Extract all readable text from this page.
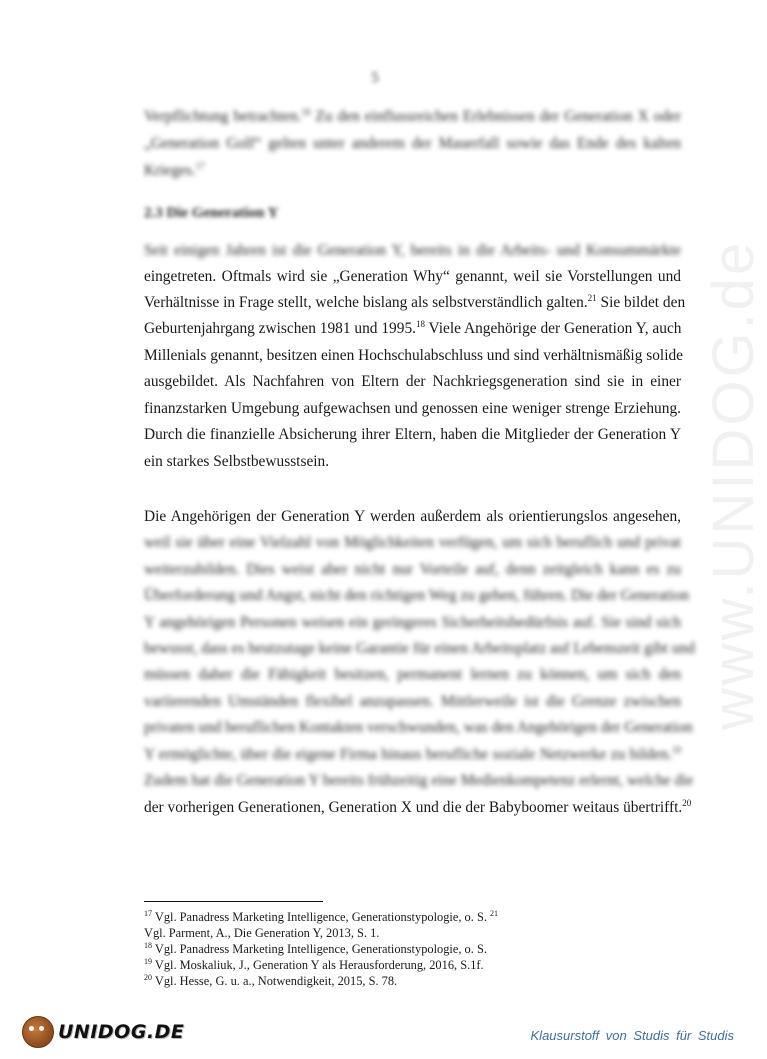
5
www.UNIDOG.de
Verpflichtung betrachten.$^{16}$ Zu den einflussreichen Erlebnissen der Generation X oder
„Generation Golf“ gelten unter anderem der Mauerfall sowie das Ende des kalten
Krieges.$^{17}$
2.3 Die Generation Y
Seit einigen Jahren ist die Generation Y, bereits in die Arbeits- und Konsummärkte
eingetreten. Oftmals wird sie „Generation Why“ genannt, weil sie Vorstellungen und
Verhältnisse in Frage stellt, welche bislang als selbstverständlich galten.$^{21}$ Sie bildet den
Geburtenjahrgang zwischen 1981 und 1995.18 Viele Angehörige der Generation Y, auch
Millenials genannt, besitzen einen Hochschulabschluss und sind verhältnismäßig solide
ausgebildet. Als Nachfahren von Eltern der Nachkriegsgeneration sind sie in einer
finanzstarken Umgebung aufgewachsen und genossen eine weniger strenge Erziehung.
Durch die finanzielle Absicherung ihrer Eltern, haben die Mitglieder der Generation Y
ein starkes Selbstbewusstsein.
Die Angehörigen der Generation Y werden außerdem als orientierungslos angesehen,
weil sie über eine Vielzahl von Möglichkeiten verfügen, um sich beruflich und privat
weiterzubilden. Dies weist aber nicht nur Vorteile auf, denn zeitgleich kann es zu
Überforderung und Angst, nicht den richtigen Weg zu gehen, führen. Die der Generation
Y angehörigen Personen weisen ein geringeres Sicherheitsbedürfnis auf. Sie sind sich
bewusst, dass es heutzutage keine Garantie für einen Arbeitsplatz auf Lebenszeit gibt und
müssen daher die Fähigkeit besitzen, permanent lernen zu können, um sich den
variierenden Umständen flexibel anzupassen. Mittlerweile ist die Grenze zwischen
privaten und beruflichen Kontakten verschwunden, was den Angehörigen der Generation
Y ermöglichte, über die eigene Firma hinaus berufliche soziale Netzwerke zu bilden.$^{19}$
Zudem hat die Generation Y bereits frühzeitig eine Medienkompetenz erlernt, welche die
der vorherigen Generationen, Generation X und die der Babyboomer weitaus übertrifft.$^{20}$
$^{17}$ Vgl. Panadress Marketing Intelligence, Generationstypologie, o. S. $^{21}$
Vgl. Parment, A., Die Generation Y, 2013, S. 1.
$^{18}$ Vgl. Panadress Marketing Intelligence, Generationstypologie, o. S.
$^{19}$ Vgl. Moskaliuk, J., Generation Y als Herausforderung, 2016, S.1f.
$^{20}$ Vgl. Hesse, G. u. a., Notwendigkeit, 2015, S. 78.
UNIDOG.DE	Klausurstoff von Studis für Studis
